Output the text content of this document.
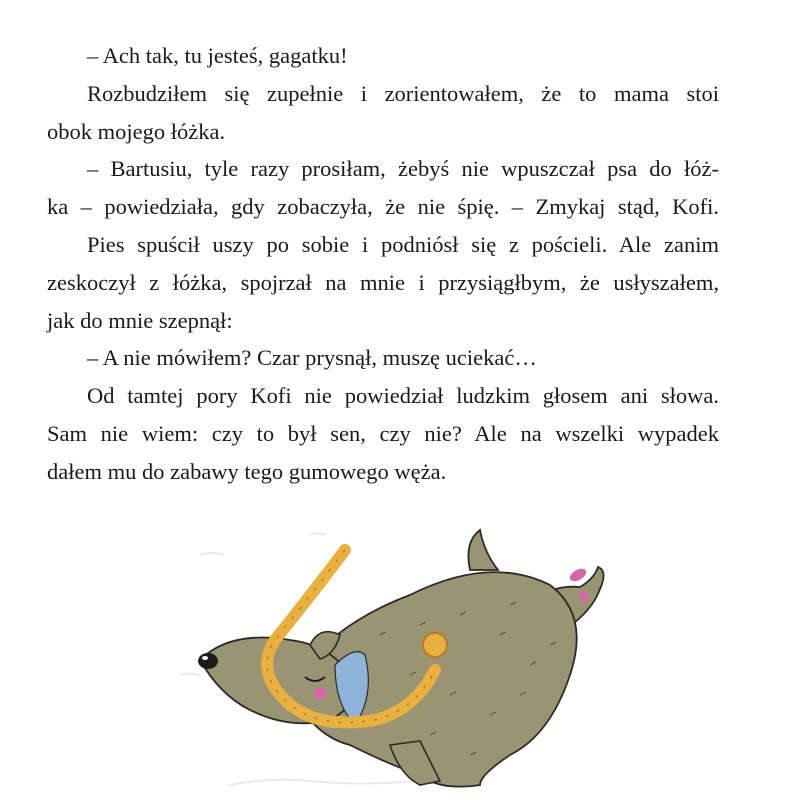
– Ach tak, tu jesteś, gagatku!
Rozbudziłem się zupełnie i zorientowałem, że to mama stoi
obok mojego łóżka.
– Bartusiu, tyle razy prosiłam, żebyś nie wpuszczał psa do łóż-
ka – powiedziała, gdy zobaczyła, że nie śpię. – Zmykaj stąd, Kofi.
Pies spuścił uszy po sobie i podniósł się z pościeli. Ale zanim
zeskoczył z łóżka, spojrzał na mnie i przysiągłbym, że usłyszałem,
jak do mnie szepnął:
– A nie mówiłem? Czar prysnął, muszę uciekać…
Od tamtej pory Kofi nie powiedział ludzkim głosem ani słowa.
Sam nie wiem: czy to był sen, czy nie? Ale na wszelki wypadek
dałem mu do zabawy tego gumowego węża.
